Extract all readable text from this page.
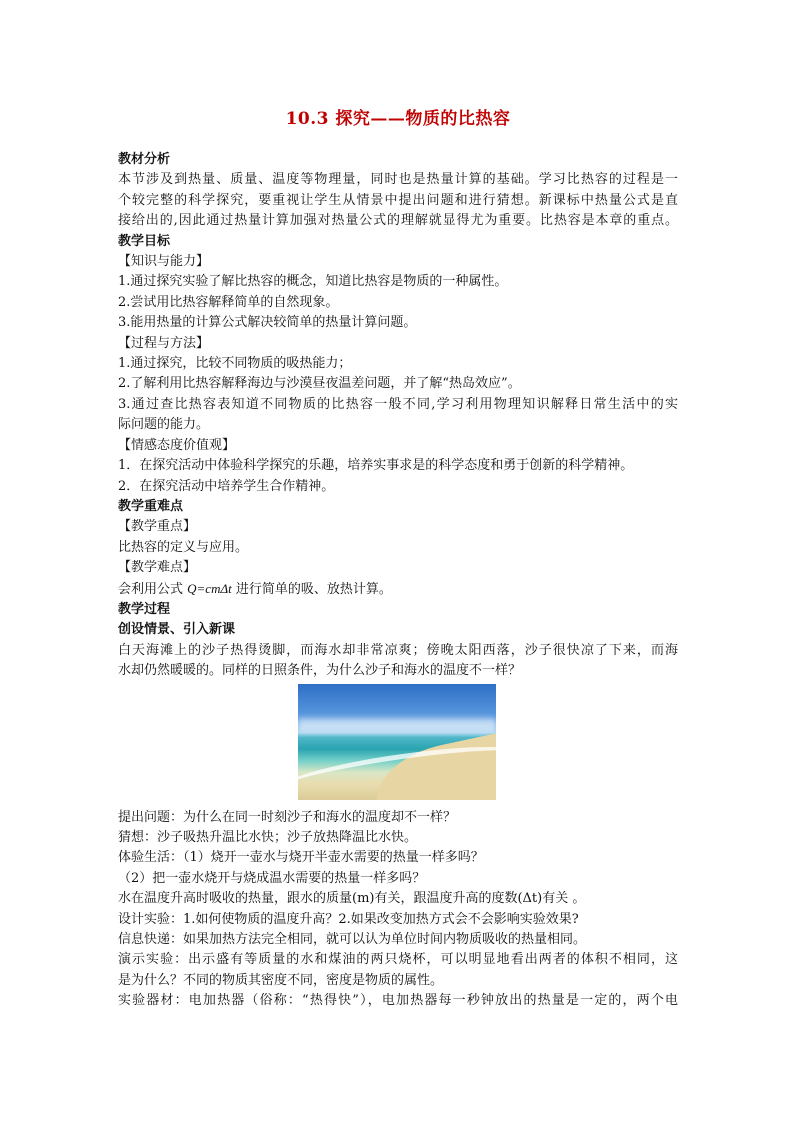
10.3 探究——物质的比热容
教材分析
本节涉及到热量、质量、温度等物理量，同时也是热量计算的基础。学习比热容的过程是一
个较完整的科学探究，要重视让学生从情景中提出问题和进行猜想。新课标中热量公式是直
接给出的,因此通过热量计算加强对热量公式的理解就显得尤为重要。比热容是本章的重点。
教学目标
【知识与能力】
1.通过探究实验了解比热容的概念，知道比热容是物质的一种属性。
2.尝试用比热容解释简单的自然现象。
3.能用热量的计算公式解决较简单的热量计算问题。
【过程与方法】
1.通过探究，比较不同物质的吸热能力；
2.了解利用比热容解释海边与沙漠昼夜温差问题，并了解“热岛效应”。
3.通过查比热容表知道不同物质的比热容一般不同,学习利用物理知识解释日常生活中的实
际问题的能力。
【情感态度价值观】
1．在探究活动中体验科学探究的乐趣，培养实事求是的科学态度和勇于创新的科学精神。
2．在探究活动中培养学生合作精神。
教学重难点
【教学重点】
比热容的定义与应用。
【教学难点】
会利用公式 Q=cmΔt 进行简单的吸、放热计算。
教学过程
创设情景、引入新课
白天海滩上的沙子热得烫脚，而海水却非常凉爽；傍晚太阳西落，沙子很快凉了下来，而海
水却仍然暖暖的。同样的日照条件，为什么沙子和海水的温度不一样？
提出问题：为什么在同一时刻沙子和海水的温度却不一样？
猜想：沙子吸热升温比水快；沙子放热降温比水快。
体验生活：（1）烧开一壶水与烧开半壶水需要的热量一样多吗？
（2）把一壶水烧开与烧成温水需要的热量一样多吗？
水在温度升高时吸收的热量，跟水的质量(m)有关，跟温度升高的度数(Δt)有关 。
设计实验：1.如何使物质的温度升高？2.如果改变加热方式会不会影响实验效果?
信息快递：如果加热方法完全相同，就可以认为单位时间内物质吸收的热量相同。
演示实验：出示盛有等质量的水和煤油的两只烧杯，可以明显地看出两者的体积不相同，这
是为什么？不同的物质其密度不同，密度是物质的属性。
实验器材：电加热器（俗称：“热得快”），电加热器每一秒钟放出的热量是一定的，两个电
